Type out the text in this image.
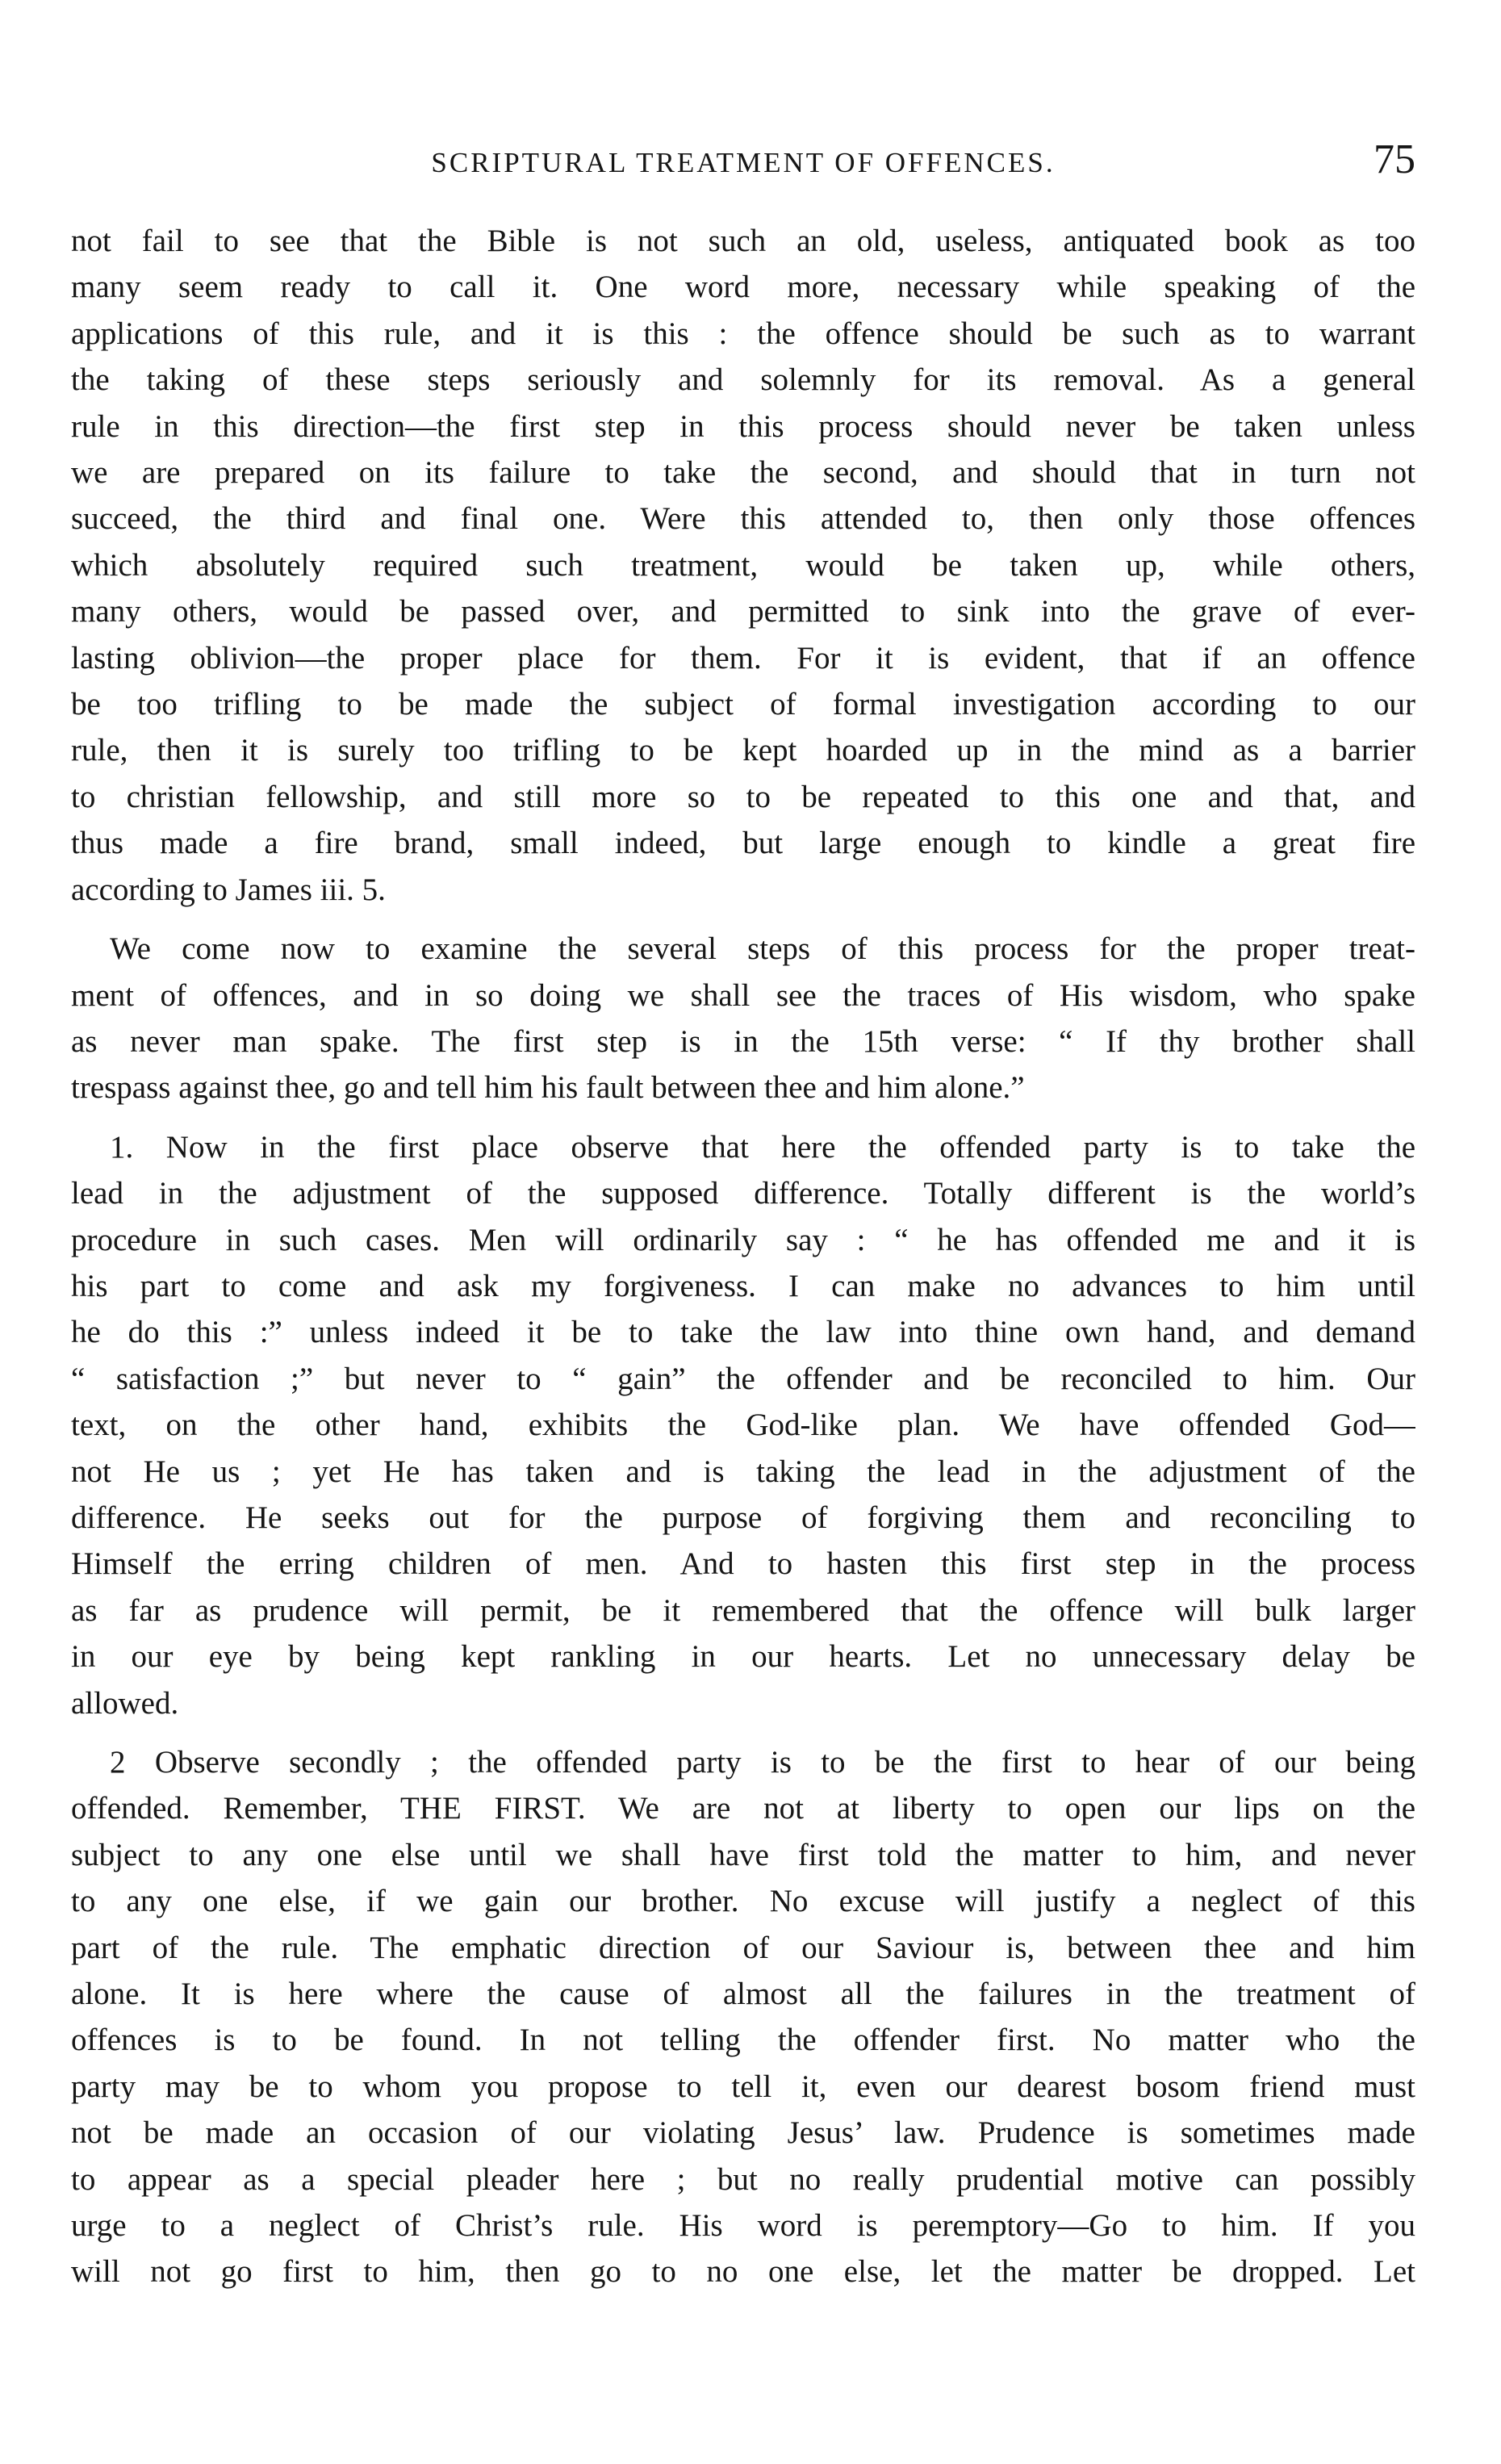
SCRIPTURAL TREATMENT OF OFFENCES.	75
not fail to see that the Bible is not such an old, useless, antiquated book as too
many seem ready to call it. One word more, necessary while speaking of the
applications of this rule, and it is this : the offence should be such as to warrant
the taking of these steps seriously and solemnly for its removal. As a general
rule in this direction—the first step in this process should never be taken unless
we are prepared on its failure to take the second, and should that in turn not
succeed, the third and final one. Were this attended to, then only those offences
which absolutely required such treatment, would be taken up, while others,
many others, would be passed over, and permitted to sink into the grave of ever-
lasting oblivion—the proper place for them. For it is evident, that if an offence
be too trifling to be made the subject of formal investigation according to our
rule, then it is surely too trifling to be kept hoarded up in the mind as a barrier
to christian fellowship, and still more so to be repeated to this one and that, and
thus made a fire brand, small indeed, but large enough to kindle a great fire
according to James iii. 5.
We come now to examine the several steps of this process for the proper treat-
ment of offences, and in so doing we shall see the traces of His wisdom, who spake
as never man spake. The first step is in the 15th verse: “ If thy brother shall
trespass against thee, go and tell him his fault between thee and him alone.”
1. Now in the first place observe that here the offended party is to take the
lead in the adjustment of the supposed difference. Totally different is the world’s
procedure in such cases. Men will ordinarily say : “ he has offended me and it is
his part to come and ask my forgiveness. I can make no advances to him until
he do this :” unless indeed it be to take the law into thine own hand, and demand
“ satisfaction ;” but never to “ gain” the offender and be reconciled to him. Our
text, on the other hand, exhibits the God-like plan. We have offended God—
not He us ; yet He has taken and is taking the lead in the adjustment of the
difference. He seeks out for the purpose of forgiving them and reconciling to
Himself the erring children of men. And to hasten this first step in the process
as far as prudence will permit, be it remembered that the offence will bulk larger
in our eye by being kept rankling in our hearts. Let no unnecessary delay be
allowed.
2 Observe secondly ; the offended party is to be the first to hear of our being
offended. Remember, THE FIRST. We are not at liberty to open our lips on the
subject to any one else until we shall have first told the matter to him, and never
to any one else, if we gain our brother. No excuse will justify a neglect of this
part of the rule. The emphatic direction of our Saviour is, between thee and him
alone. It is here where the cause of almost all the failures in the treatment of
offences is to be found. In not telling the offender first. No matter who the
party may be to whom you propose to tell it, even our dearest bosom friend must
not be made an occasion of our violating Jesus’ law. Prudence is sometimes made
to appear as a special pleader here ; but no really prudential motive can possibly
urge to a neglect of Christ’s rule. His word is peremptory—Go to him. If you
will not go first to him, then go to no one else, let the matter be dropped. Let
